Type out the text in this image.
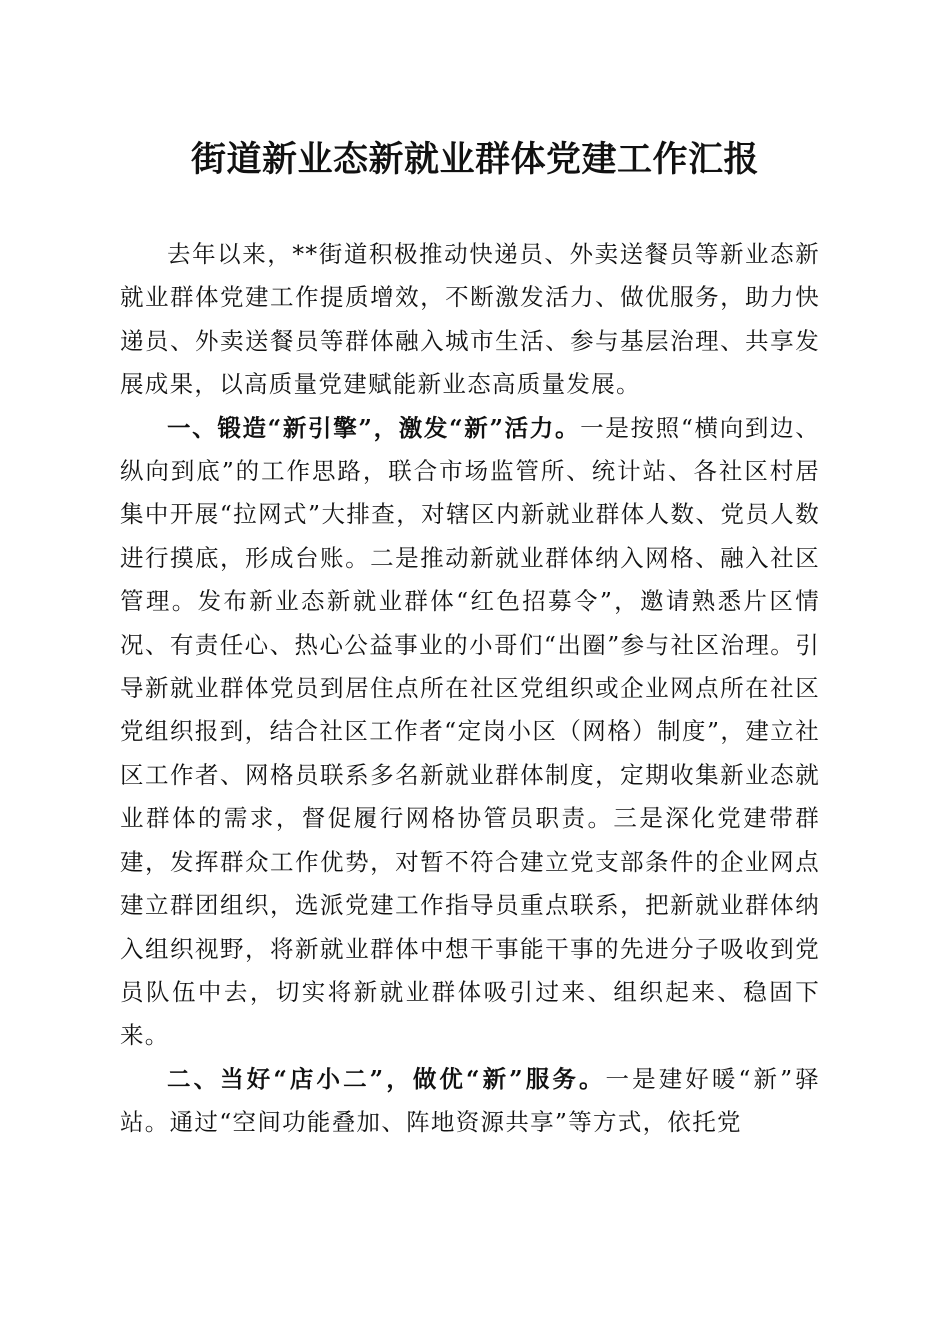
街道新业态新就业群体党建工作汇报

去年以来，**街道积极推动快递员、外卖送餐员等新业态新就业群体党建工作提质增效，不断激发活力、做优服务，助力快递员、外卖送餐员等群体融入城市生活、参与基层治理、共享发展成果，以高质量党建赋能新业态高质量发展。

一、锻造“新引擎”，激发“新”活力。一是按照“横向到边、纵向到底”的工作思路，联合市场监管所、统计站、各社区村居集中开展“拉网式”大排查，对辖区内新就业群体人数、党员人数进行摸底，形成台账。二是推动新就业群体纳入网格、融入社区管理。发布新业态新就业群体“红色招募令”，邀请熟悉片区情况、有责任心、热心公益事业的小哥们“出圈”参与社区治理。引导新就业群体党员到居住点所在社区党组织或企业网点所在社区党组织报到，结合社区工作者“定岗小区（网格）制度”，建立社区工作者、网格员联系多名新就业群体制度，定期收集新业态就业群体的需求，督促履行网格协管员职责。三是深化党建带群建，发挥群众工作优势，对暂不符合建立党支部条件的企业网点建立群团组织，选派党建工作指导员重点联系，把新就业群体纳入组织视野，将新就业群体中想干事能干事的先进分子吸收到党员队伍中去，切实将新就业群体吸引过来、组织起来、稳固下来。

二、当好“店小二”，做优“新”服务。一是建好暖“新”驿站。通过“空间功能叠加、阵地资源共享”等方式，依托党
